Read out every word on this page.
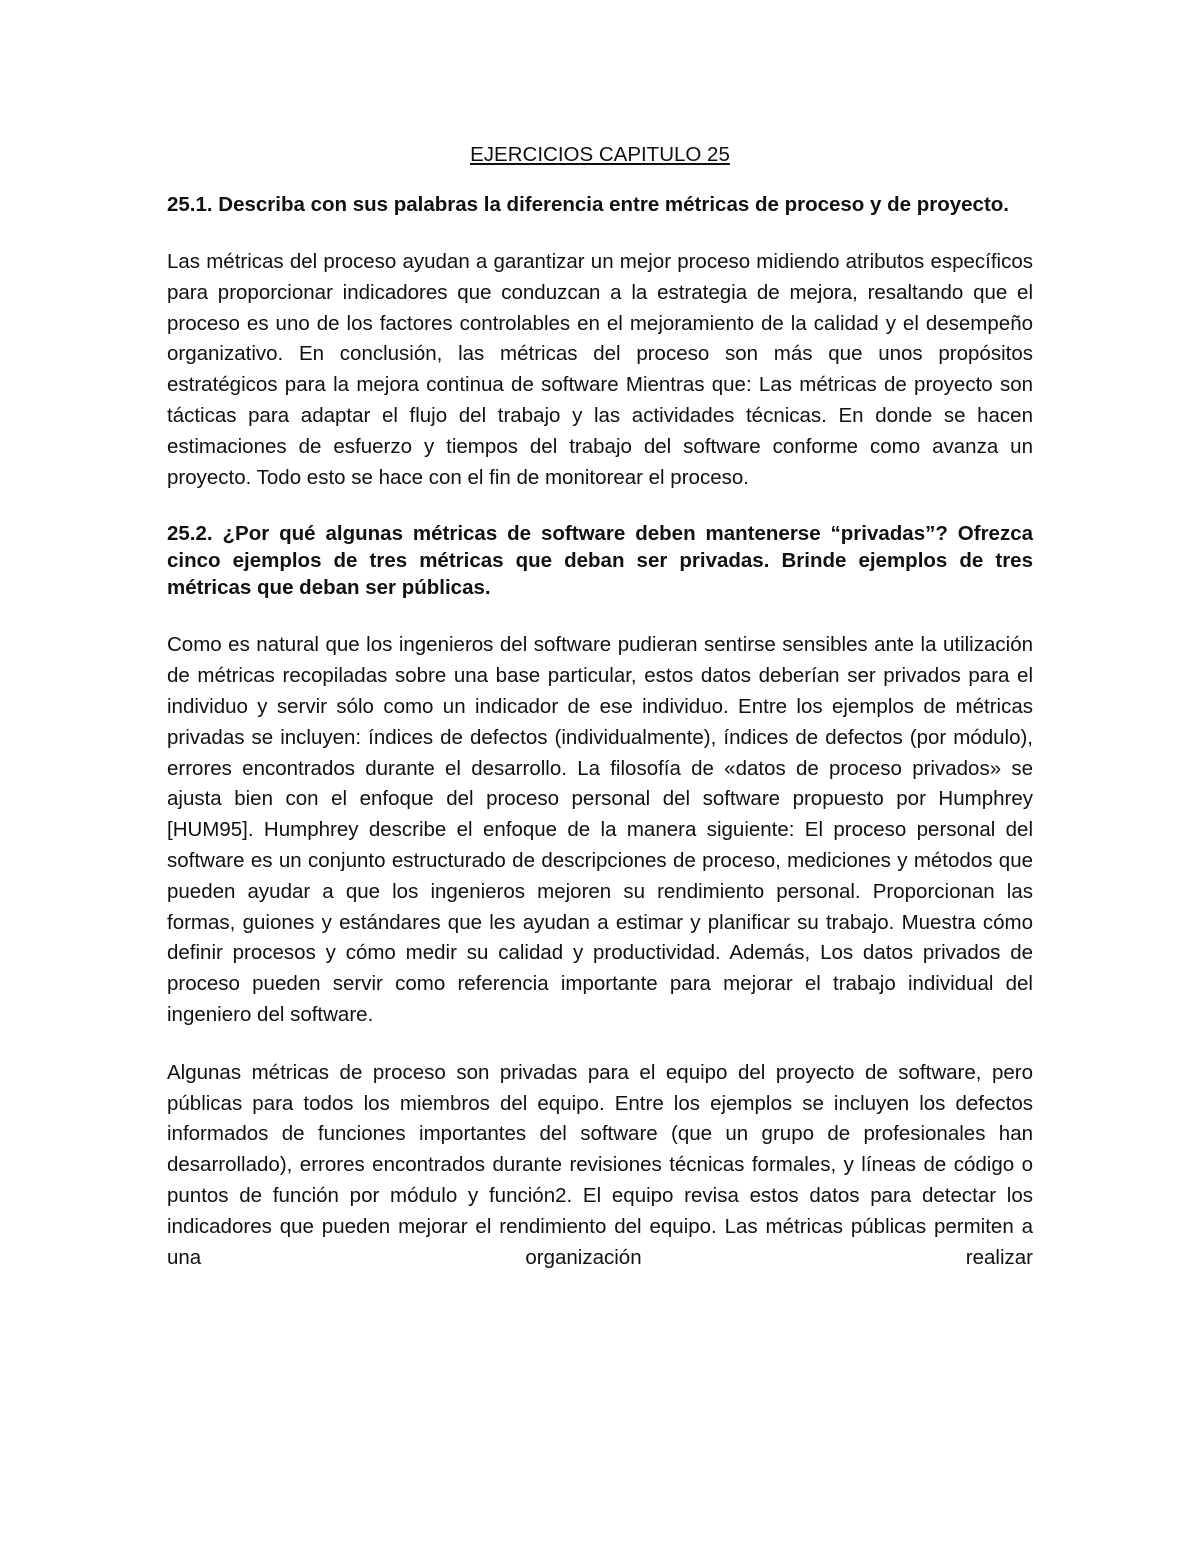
EJERCICIOS CAPITULO 25

25.1. Describa con sus palabras la diferencia entre métricas de proceso y de proyecto.

Las métricas del proceso ayudan a garantizar un mejor proceso midiendo atributos específicos para proporcionar indicadores que conduzcan a la estrategia de mejora, resaltando que el proceso es uno de los factores controlables en el mejoramiento de la calidad y el desempeño organizativo. En conclusión, las métricas del proceso son más que unos propósitos estratégicos para la mejora continua de software Mientras que: Las métricas de proyecto son tácticas para adaptar el flujo del trabajo y las actividades técnicas. En donde se hacen estimaciones de esfuerzo y tiempos del trabajo del software conforme como avanza un proyecto. Todo esto se hace con el fin de monitorear el proceso.

25.2. ¿Por qué algunas métricas de software deben mantenerse “privadas”? Ofrezca cinco ejemplos de tres métricas que deban ser privadas. Brinde ejemplos de tres métricas que deban ser públicas.

Como es natural que los ingenieros del software pudieran sentirse sensibles ante la utilización de métricas recopiladas sobre una base particular, estos datos deberían ser privados para el individuo y servir sólo como un indicador de ese individuo. Entre los ejemplos de métricas privadas se incluyen: índices de defectos (individualmente), índices de defectos (por módulo), errores encontrados durante el desarrollo. La filosofía de «datos de proceso privados» se ajusta bien con el enfoque del proceso personal del software propuesto por Humphrey [HUM95]. Humphrey describe el enfoque de la manera siguiente: El proceso personal del software es un conjunto estructurado de descripciones de proceso, mediciones y métodos que pueden ayudar a que los ingenieros mejoren su rendimiento personal. Proporcionan las formas, guiones y estándares que les ayudan a estimar y planificar su trabajo. Muestra cómo definir procesos y cómo medir su calidad y productividad. Además, Los datos privados de proceso pueden servir como referencia importante para mejorar el trabajo individual del ingeniero del software.

Algunas métricas de proceso son privadas para el equipo del proyecto de software, pero públicas para todos los miembros del equipo. Entre los ejemplos se incluyen los defectos informados de funciones importantes del software (que un grupo de profesionales han desarrollado), errores encontrados durante revisiones técnicas formales, y líneas de código o puntos de función por módulo y función2. El equipo revisa estos datos para detectar los indicadores que pueden mejorar el rendimiento del equipo. Las métricas públicas permiten a una organización realizar
